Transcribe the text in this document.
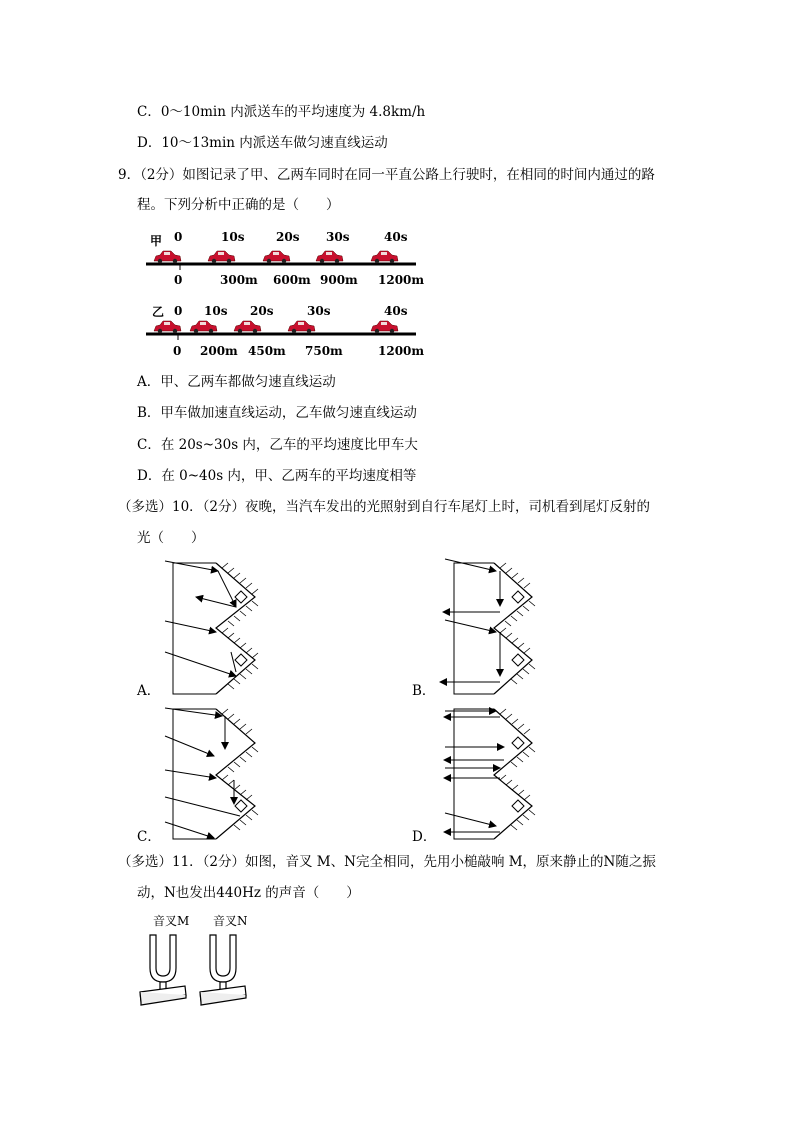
C．0～10min 内派送车的平均速度为 4.8km/h
D．10～13min 内派送车做匀速直线运动
9．（2分）如图记录了甲、乙两车同时在同一平直公路上行驶时，在相同的时间内通过的路
程。下列分析中正确的是（　　）
甲 0	10s	20s 30s	40s
0	300m 600m 900m 1200m
乙 0 10s 20s	30s	40s
0 200m 450m 750m	1200m
A．甲、乙两车都做匀速直线运动
B．甲车做加速直线运动，乙车做匀速直线运动
C．在 20s~30s 内，乙车的平均速度比甲车大
D．在 0~40s 内，甲、乙两车的平均速度相等
（多选）10．（2分）夜晚，当汽车发出的光照射到自行车尾灯上时，司机看到尾灯反射的
光（　　）
A．	B．
C．	D．
（多选）11．（2分）如图，音叉 M、N完全相同，先用小槌敲响 M，原来静止的N随之振
动，N也发出440Hz 的声音（　　）
音叉M 音叉N
